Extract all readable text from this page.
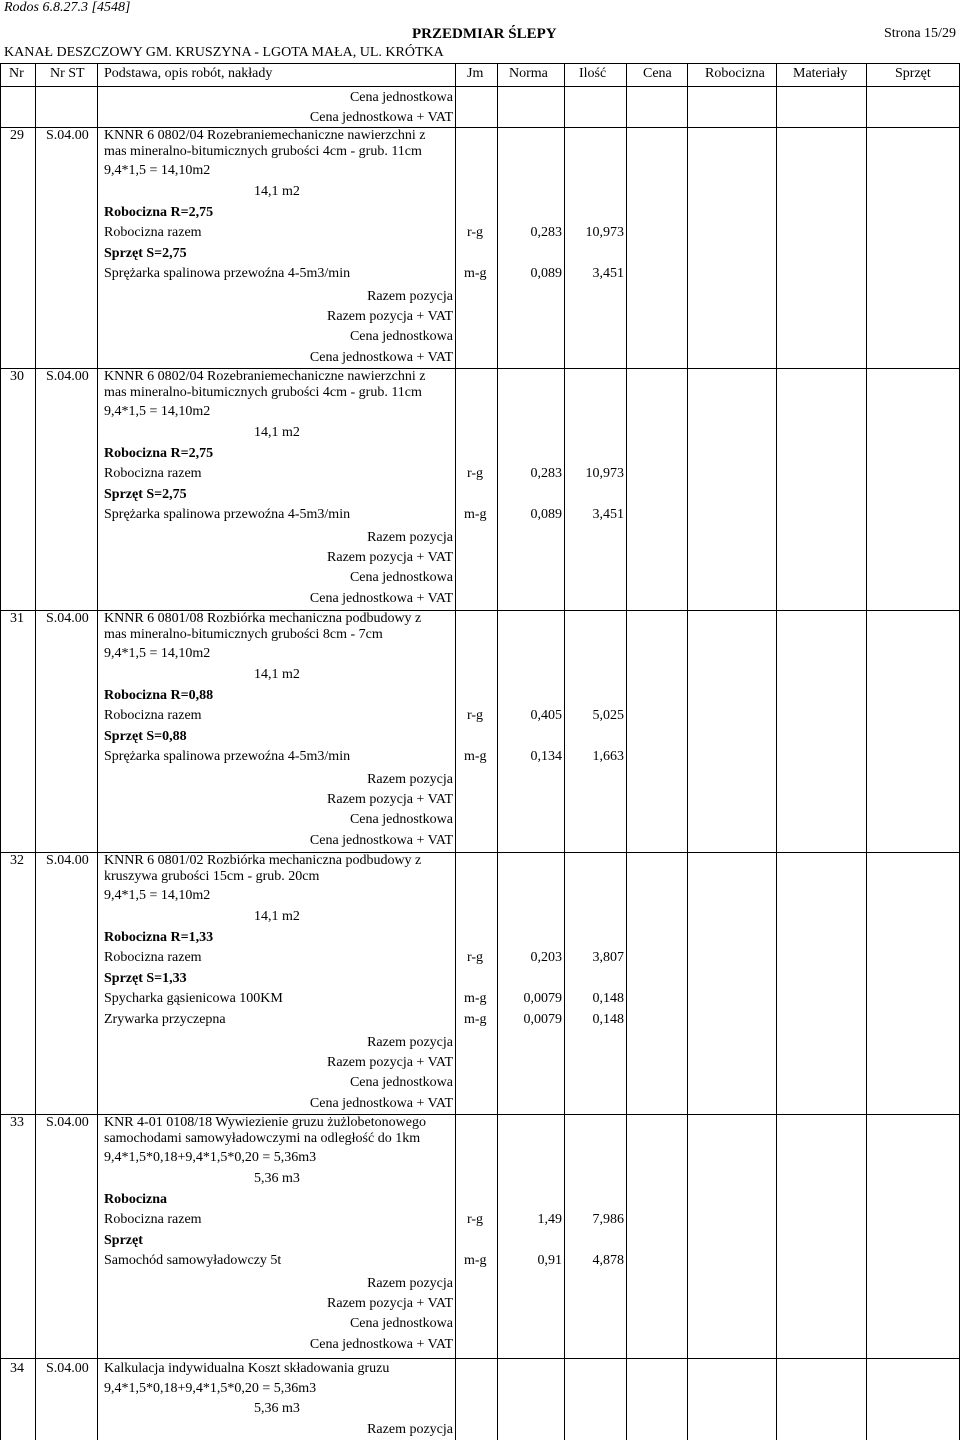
Rodos 6.8.27.3 [4548]
PRZEDMIAR ŚLEPY	Strona 15/29
KANAŁ DESZCZOWY GM. KRUSZYNA - LGOTA MAŁA, UL. KRÓTKA
Nr Nr ST Podstawa, opis robót, nakłady	Jm Norma Ilość	Cena Robocizna Materiały	Sprzęt
Cena jednostkowa
Cena jednostkowa + VAT
29 S.04.00 KNNR 6 0802/04 Rozebraniemechaniczne nawierzchni z
mas mineralno-bitumicznych grubości 4cm - grub. 11cm
9,4*1,5 = 14,10m2
14,1 m2
Robocizna R=2,75
Robocizna razem	r-g	0,283	10,973
Sprzęt S=2,75
Sprężarka spalinowa przewoźna 4-5m3/min	m-g	0,089	3,451
Razem pozycja
Razem pozycja + VAT
Cena jednostkowa
Cena jednostkowa + VAT
30 S.04.00 KNNR 6 0802/04 Rozebraniemechaniczne nawierzchni z
mas mineralno-bitumicznych grubości 4cm - grub. 11cm
9,4*1,5 = 14,10m2
14,1 m2
Robocizna R=2,75
Robocizna razem	r-g	0,283	10,973
Sprzęt S=2,75
Sprężarka spalinowa przewoźna 4-5m3/min	m-g	0,089	3,451
Razem pozycja
Razem pozycja + VAT
Cena jednostkowa
Cena jednostkowa + VAT
31 S.04.00 KNNR 6 0801/08 Rozbiórka mechaniczna podbudowy z
mas mineralno-bitumicznych grubości 8cm - 7cm
9,4*1,5 = 14,10m2
14,1 m2
Robocizna R=0,88
Robocizna razem	r-g	0,405	5,025
Sprzęt S=0,88
Sprężarka spalinowa przewoźna 4-5m3/min	m-g	0,134	1,663
Razem pozycja
Razem pozycja + VAT
Cena jednostkowa
Cena jednostkowa + VAT
32 S.04.00 KNNR 6 0801/02 Rozbiórka mechaniczna podbudowy z
kruszywa grubości 15cm - grub. 20cm
9,4*1,5 = 14,10m2
14,1 m2
Robocizna R=1,33
Robocizna razem	r-g	0,203	3,807
Sprzęt S=1,33
Spycharka gąsienicowa 100KM	m-g	0,0079	0,148
Zrywarka przyczepna	m-g	0,0079	0,148
Razem pozycja
Razem pozycja + VAT
Cena jednostkowa
Cena jednostkowa + VAT
33 S.04.00 KNR 4-01 0108/18 Wywiezienie gruzu żużlobetonowego
samochodami samowyładowczymi na odległość do 1km
9,4*1,5*0,18+9,4*1,5*0,20 = 5,36m3
5,36 m3
Robocizna
Robocizna razem	r-g	1,49	7,986
Sprzęt
Samochód samowyładowczy 5t	m-g	0,91	4,878
Razem pozycja
Razem pozycja + VAT
Cena jednostkowa
Cena jednostkowa + VAT
34 S.04.00 Kalkulacja indywidualna Koszt składowania gruzu
9,4*1,5*0,18+9,4*1,5*0,20 = 5,36m3
5,36 m3
Razem pozycja
